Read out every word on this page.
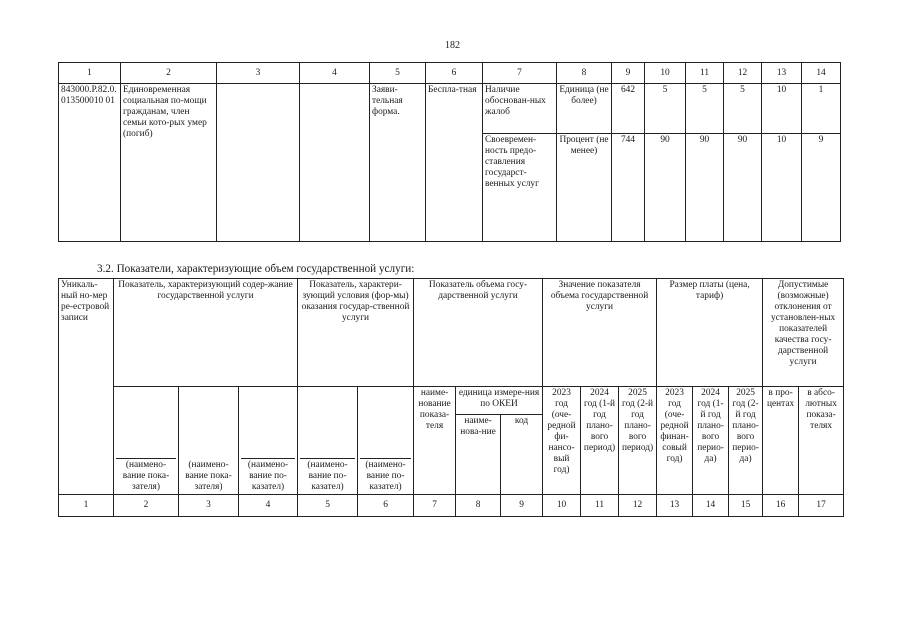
182
1	2	3	4	5	6	7	8	9	10	11	12	13	14
843000.Р.82.0.013500010 01	Единовременная социальная по-мощи гражданам, член семьи кото-рых умер (погиб)			Заяви-тельная форма.	Беспла-тная	Наличие обоснован-ных жалоб	Единица (не более)	642	5	5	5	10	1
						Своевремен-ность предо-ставления государст-венных услуг	Процент (не менее)	744	90	90	90	10	9
3.2. Показатели, характеризующие объем государственной услуги:
Уникаль-ный но-мер ре-естровой записи	Показатель, характеризующий содер-жание государственной услуги			Показатель, характери-зующий условия (фор-мы) оказания государ-ственной услуги		Показатель объема госу-дарственной услуги			Значение показателя объема государственной услуги			Размер платы (цена, тариф)			Допустимые (возможные) отклонения от установлен-ных показателей качества госу-дарственной услуги	
	(наимено-вание пока-зателя)	(наимено-вание пока-зателя)	(наимено-вание по-казател)	(наимено-вание по-казател)	(наимено-вание по-казател)	наиме-нование показа-теля	единица измере-ния по ОКЕИ		2023 год (оче-редной фи-нансо-вый год)	2024 год (1-й год плано-вого период)	2025 год (2-й год плано-вого период)	2023 год (оче-редной финан-совый год)	2024 год (1-й год плано-вого перио-да)	2025 год (2-й год плано-вого перио-да)	в про-центах	в абсо-лютных показа-телях
							наиме-нова-ние	код								

1	2	3	4	5	6	7	8	9	10	11	12	13	14	15	16	17
